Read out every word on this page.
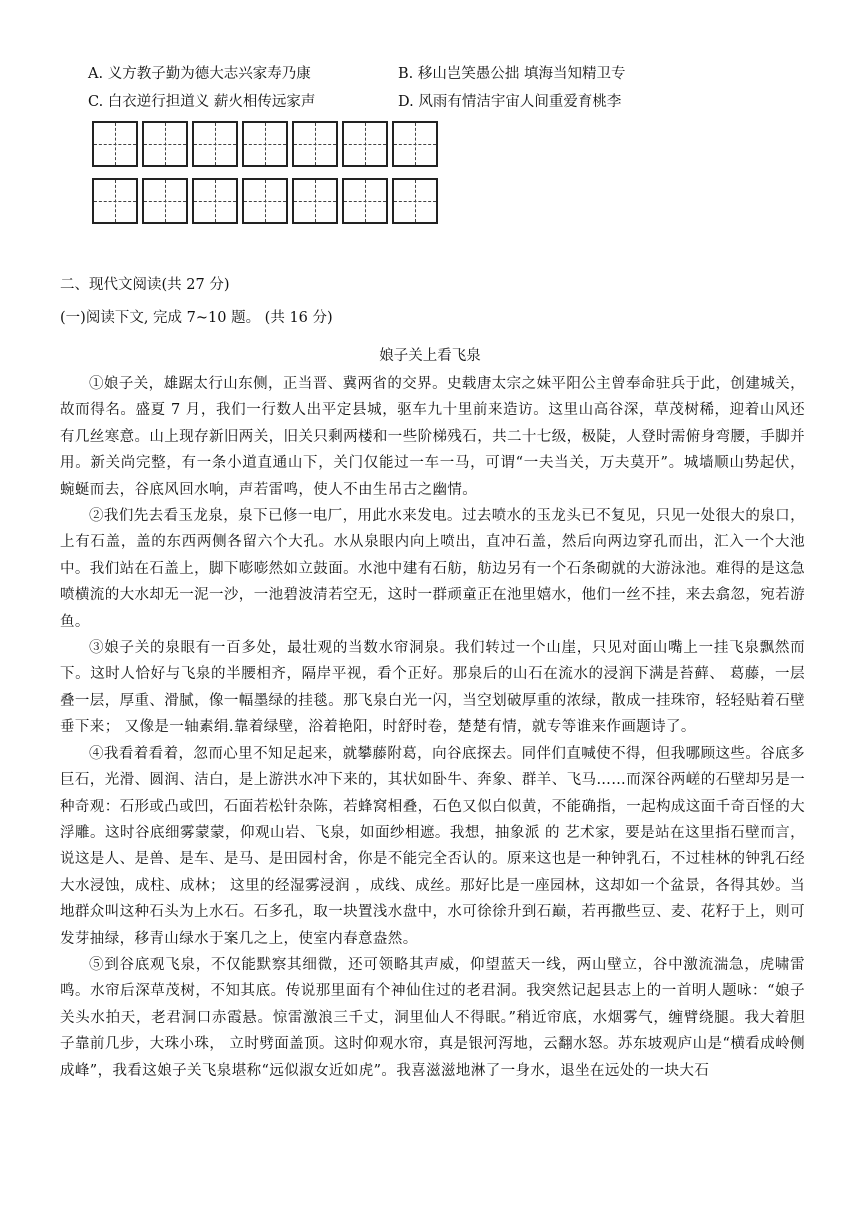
A. 义方教子勤为德大志兴家寿乃康	B. 移山岂笑愚公拙 填海当知精卫专
C. 白衣逆行担道义 薪火相传远家声	D. 风雨有情洁宇宙人间重爱育桃李
二、现代文阅读(共 27 分)
(一)阅读下文, 完成 7~10 题。 (共 16 分)
娘子关上看飞泉

①娘子关，雄踞太行山东侧，正当晋、冀两省的交界。史载唐太宗之妹平阳公主曾奉命驻兵于此，创建城关，故而得名。盛夏 7 月，我们一行数人出平定县城，驱车九十里前来造访。这里山高谷深，草茂树稀，迎着山风还有几丝寒意。山上现存新旧两关，旧关只剩两楼和一些阶梯残石，共二十七级，极陡，人登时需俯身弯腰，手脚并用。新关尚完整，有一条小道直通山下，关门仅能过一车一马，可谓“一夫当关，万夫莫开”。城墙顺山势起伏，蜿蜒而去，谷底风回水响，声若雷鸣，使人不由生吊古之幽情。

②我们先去看玉龙泉，泉下已修一电厂，用此水来发电。过去喷水的玉龙头已不复见，只见一处很大的泉口，上有石盖，盖的东西两侧各留六个大孔。水从泉眼内向上喷出，直冲石盖，然后向两边穿孔而出，汇入一个大池中。我们站在石盖上，脚下嘭嘭然如立鼓面。水池中建有石舫，舫边另有一个石条砌就的大游泳池。难得的是这急喷横流的大水却无一泥一沙，一池碧波清若空无，这时一群顽童正在池里嬉水，他们一丝不挂，来去翕忽，宛若游鱼。

③娘子关的泉眼有一百多处，最壮观的当数水帘洞泉。我们转过一个山崖，只见对面山嘴上一挂飞泉飘然而下。这时人恰好与飞泉的半腰相齐，隔岸平视，看个正好。那泉后的山石在流水的浸润下满是苔藓、 葛藤，一层叠一层，厚重、滑腻，像一幅墨绿的挂毯。那飞泉白光一闪，当空划破厚重的浓绿，散成一挂珠帘，轻轻贴着石壁垂下来； 又像是一轴素绢.靠着绿壁，浴着艳阳，时舒时卷，楚楚有情，就专等谁来作画题诗了。

④我看着看着，忽而心里不知足起来，就攀藤附葛，向谷底探去。同伴们直喊使不得，但我哪顾这些。谷底多巨石，光滑、圆润、洁白，是上游洪水冲下来的，其状如卧牛、奔象、群羊、飞马……而深谷两嵯的石壁却另是一种奇观：石形或凸或凹，石面若松针杂陈，若蜂窝相叠，石色又似白似黄，不能确指，一起构成这面千奇百怪的大浮雕。这时谷底细雾蒙蒙，仰观山岩、飞泉，如面纱相遮。我想，抽象派 的 艺术家，要是站在这里指石壁而言，说这是人、是兽、是车、是马、是田园村舍，你是不能完全否认的。原来这也是一种钟乳石，不过桂林的钟乳石经大水浸蚀，成柱、成林； 这里的经湿雾浸润 ，成线、成丝。那好比是一座园林，这却如一个盆景，各得其妙。当地群众叫这种石头为上水石。石多孔，取一块置浅水盘中，水可徐徐升到石巅，若再撒些豆、麦、花籽于上，则可发芽抽绿，移青山绿水于案几之上，使室内春意盎然。

⑤到谷底观飞泉，不仅能默察其细微，还可领略其声威，仰望蓝天一线，两山壁立，谷中激流湍急，虎啸雷鸣。水帘后深草茂树，不知其底。传说那里面有个神仙住过的老君洞。我突然记起县志上的一首明人题咏：“娘子关头水拍天，老君洞口赤霞悬。惊雷激浪三千丈，洞里仙人不得眠。”稍近帘底，水烟雾气，缠臂绕腿。我大着胆子靠前几步，大珠小珠， 立时劈面盖顶。这时仰观水帘，真是银河泻地，云翻水怒。苏东坡观庐山是“横看成岭侧成峰”，我看这娘子关飞泉堪称“远似淑女近如虎”。我喜滋滋地淋了一身水，退坐在远处的一块大石
